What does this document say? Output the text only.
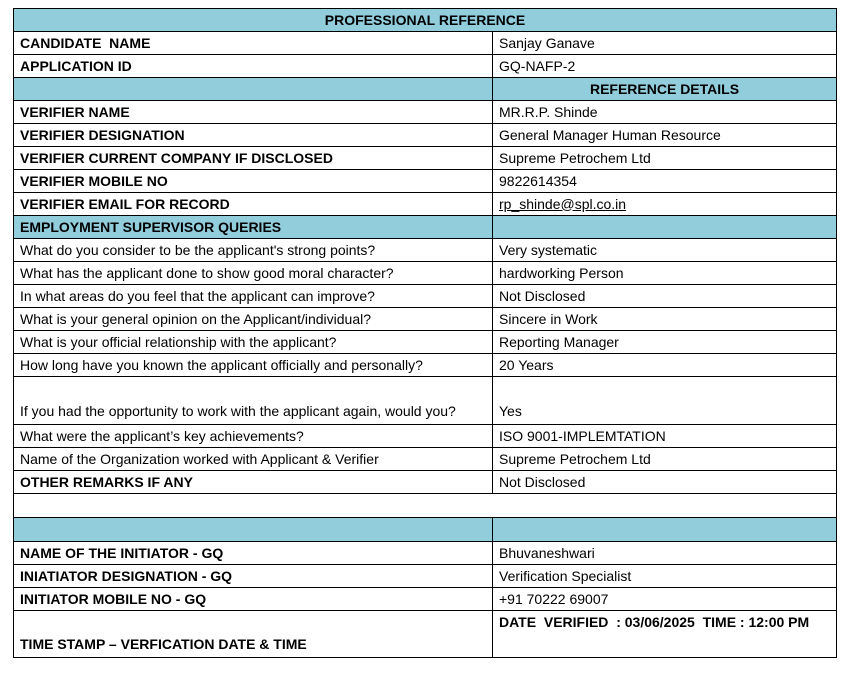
PROFESSIONAL REFERENCE	
CANDIDATE  NAME	Sanjay Ganave
APPLICATION ID	GQ-NAFP-2
	REFERENCE DETAILS
VERIFIER NAME	MR.R.P. Shinde
VERIFIER DESIGNATION	General Manager Human Resource
VERIFIER CURRENT COMPANY IF DISCLOSED	Supreme Petrochem Ltd
VERIFIER MOBILE NO	9822614354
VERIFIER EMAIL FOR RECORD	rp_shinde@spl.co.in
EMPLOYMENT SUPERVISOR QUERIES	
What do you consider to be the applicant's strong points?	Very systematic
What has the applicant done to show good moral character?	hardworking Person
In what areas do you feel that the applicant can improve?	Not Disclosed
What is your general opinion on the Applicant/individual?	Sincere in Work
What is your official relationship with the applicant?	Reporting Manager
How long have you known the applicant officially and personally?	20 Years
If you had the opportunity to work with the applicant again, would you?	Yes
What were the applicant’s key achievements?	ISO 9001-IMPLEMTATION
Name of the Organization worked with Applicant & Verifier	Supreme Petrochem Ltd
OTHER REMARKS IF ANY	Not Disclosed

NAME OF THE INITIATOR - GQ	Bhuvaneshwari
INIATIATOR DESIGNATION - GQ	Verification Specialist
INITIATOR MOBILE NO - GQ	+91 70222 69007
TIME STAMP – VERFICATION DATE & TIME	DATE  VERIFIED  : 03/06/2025  TIME : 12:00 PM
